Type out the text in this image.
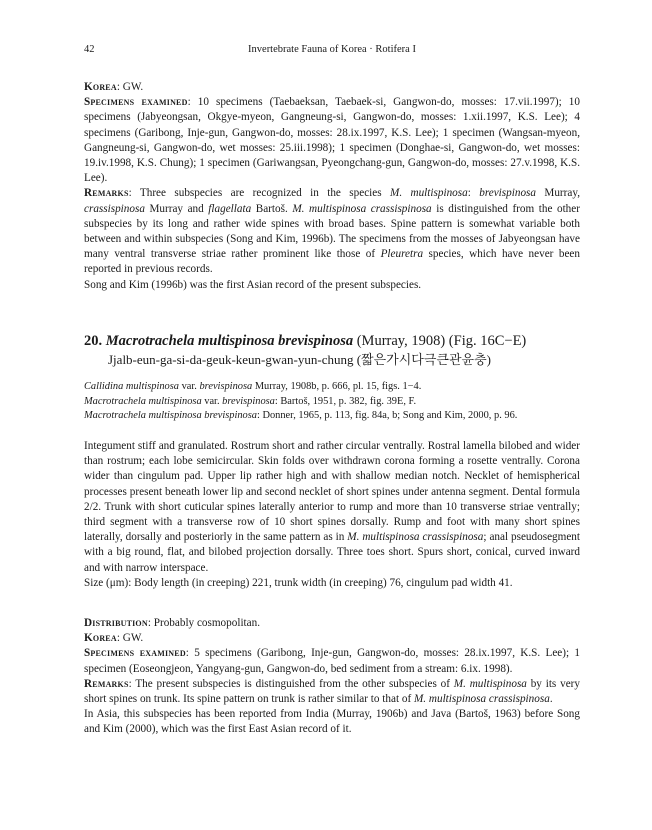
42	Invertebrate Fauna of Korea · Rotifera I

Korea: GW.

Specimens examined: 10 specimens (Taebaeksan, Taebaek-si, Gangwon-do, mosses: 17.vii.1997); 10 specimens (Jabyeongsan, Okgye-myeon, Gangneung-si, Gangwon-do, mosses: 1.xii.1997, K.S. Lee); 4 specimens (Garibong, Inje-gun, Gangwon-do, mosses: 28.ix.1997, K.S. Lee); 1 specimen (Wangsan-myeon, Gangneung-si, Gangwon-do, wet mosses: 25.iii.1998); 1 specimen (Donghae-si, Gangwon-do, wet mosses: 19.iv.1998, K.S. Chung); 1 specimen (Gariwangsan, Pyeongchang-gun, Gangwon-do, mosses: 27.v.1998, K.S. Lee).

Remarks: Three subspecies are recognized in the species M. multispinosa: brevispinosa Murray, crassispinosa Murray and flagellata Bartoš. M. multispinosa crassispinosa is distinguished from the other subspecies by its long and rather wide spines with broad bases. Spine pattern is somewhat variable both between and within subspecies (Song and Kim, 1996b). The specimens from the mosses of Jabyeongsan have many ventral transverse striae rather prominent like those of Pleuretra species, which have never been reported in previous records.

Song and Kim (1996b) was the first Asian record of the present subspecies.

20. Macrotrachela multispinosa brevispinosa (Murray, 1908) (Fig. 16C−E)
Jjalb-eun-ga-si-da-geuk-keun-gwan-yun-chung (짧은가시다극큰관윤충)

Callidina multispinosa var. brevispinosa Murray, 1908b, p. 666, pl. 15, figs. 1−4.

Macrotrachela multispinosa var. brevispinosa: Bartoš, 1951, p. 382, fig. 39E, F.

Macrotrachela multispinosa brevispinosa: Donner, 1965, p. 113, fig. 84a, b; Song and Kim, 2000, p. 96.

Integument stiff and granulated. Rostrum short and rather circular ventrally. Rostral lamella bilobed and wider than rostrum; each lobe semicircular. Skin folds over withdrawn corona forming a rosette ventrally. Corona wider than cingulum pad. Upper lip rather high and with shallow median notch. Necklet of hemispherical processes present beneath lower lip and second necklet of short spines under antenna segment. Dental formula 2/2. Trunk with short cuticular spines laterally anterior to rump and more than 10 transverse striae ventrally; third segment with a transverse row of 10 short spines dorsally. Rump and foot with many short spines laterally, dorsally and posteriorly in the same pattern as in M. multispinosa crassispinosa; anal pseudosegment with a big round, flat, and bilobed projection dorsally. Three toes short. Spurs short, conical, curved inward and with narrow interspace.

Size (μm): Body length (in creeping) 221, trunk width (in creeping) 76, cingulum pad width 41.

Distribution: Probably cosmopolitan.

Korea: GW.

Specimens examined: 5 specimens (Garibong, Inje-gun, Gangwon-do, mosses: 28.ix.1997, K.S. Lee); 1 specimen (Eoseongjeon, Yangyang-gun, Gangwon-do, bed sediment from a stream: 6.ix. 1998).

Remarks: The present subspecies is distinguished from the other subspecies of M. multispinosa by its very short spines on trunk. Its spine pattern on trunk is rather similar to that of M. multispinosa crassispinosa.

In Asia, this subspecies has been reported from India (Murray, 1906b) and Java (Bartoš, 1963) before Song and Kim (2000), which was the first East Asian record of it.
